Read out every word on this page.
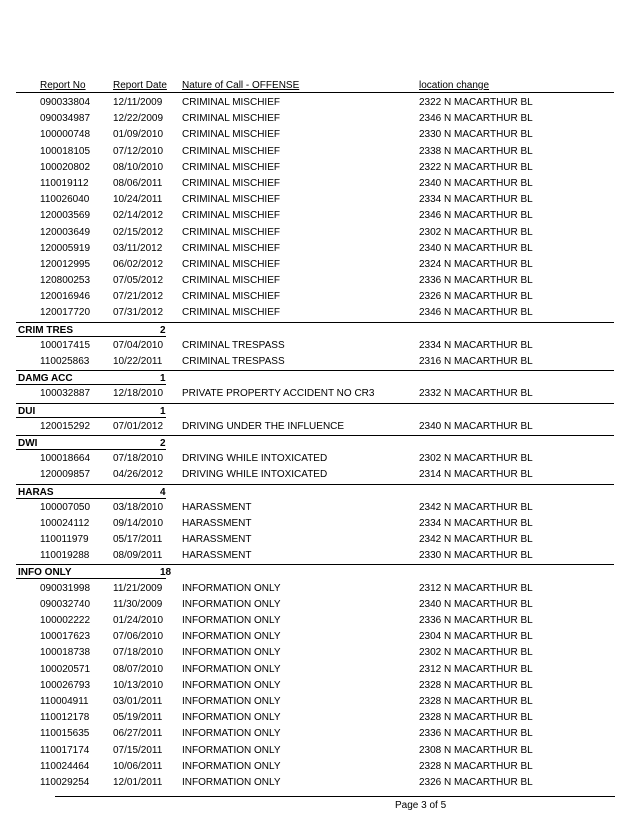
Report No	Report Date Nature of Call - OFFENSE	location change
090033804 12/11/2009 CRIMINAL MISCHIEF	2322 N MACARTHUR BL
090034987 12/22/2009 CRIMINAL MISCHIEF	2346 N MACARTHUR BL
100000748 01/09/2010 CRIMINAL MISCHIEF	2330 N MACARTHUR BL
100018105 07/12/2010 CRIMINAL MISCHIEF	2338 N MACARTHUR BL
100020802 08/10/2010 CRIMINAL MISCHIEF	2322 N MACARTHUR BL
110019112 08/06/2011 CRIMINAL MISCHIEF	2340 N MACARTHUR BL
110026040 10/24/2011 CRIMINAL MISCHIEF	2334 N MACARTHUR BL
120003569 02/14/2012 CRIMINAL MISCHIEF	2346 N MACARTHUR BL
120003649 02/15/2012 CRIMINAL MISCHIEF	2302 N MACARTHUR BL
120005919 03/11/2012 CRIMINAL MISCHIEF	2340 N MACARTHUR BL
120012995 06/02/2012 CRIMINAL MISCHIEF	2324 N MACARTHUR BL
120800253 07/05/2012 CRIMINAL MISCHIEF	2336 N MACARTHUR BL
120016946 07/21/2012 CRIMINAL MISCHIEF	2326 N MACARTHUR BL
120017720 07/31/2012 CRIMINAL MISCHIEF	2346 N MACARTHUR BL
CRIM TRES	2
100017415 07/04/2010 CRIMINAL TRESPASS	2334 N MACARTHUR BL
110025863 10/22/2011 CRIMINAL TRESPASS	2316 N MACARTHUR BL
DAMG ACC	1
100032887 12/18/2010 PRIVATE PROPERTY ACCIDENT NO CR3	2332 N MACARTHUR BL
DUI	1
120015292 07/01/2012 DRIVING UNDER THE INFLUENCE	2340 N MACARTHUR BL
DWI	2
100018664 07/18/2010 DRIVING WHILE INTOXICATED	2302 N MACARTHUR BL
120009857 04/26/2012 DRIVING WHILE INTOXICATED	2314 N MACARTHUR BL
HARAS	4
100007050 03/18/2010 HARASSMENT	2342 N MACARTHUR BL
100024112 09/14/2010 HARASSMENT	2334 N MACARTHUR BL
110011979 05/17/2011 HARASSMENT	2342 N MACARTHUR BL
110019288 08/09/2011 HARASSMENT	2330 N MACARTHUR BL
INFO ONLY	18
090031998 11/21/2009 INFORMATION ONLY	2312 N MACARTHUR BL
090032740 11/30/2009 INFORMATION ONLY	2340 N MACARTHUR BL
100002222 01/24/2010 INFORMATION ONLY	2336 N MACARTHUR BL
100017623 07/06/2010 INFORMATION ONLY	2304 N MACARTHUR BL
100018738 07/18/2010 INFORMATION ONLY	2302 N MACARTHUR BL
100020571 08/07/2010 INFORMATION ONLY	2312 N MACARTHUR BL
100026793 10/13/2010 INFORMATION ONLY	2328 N MACARTHUR BL
110004911 03/01/2011 INFORMATION ONLY	2328 N MACARTHUR BL
110012178 05/19/2011 INFORMATION ONLY	2328 N MACARTHUR BL
110015635 06/27/2011 INFORMATION ONLY	2336 N MACARTHUR BL
110017174 07/15/2011 INFORMATION ONLY	2308 N MACARTHUR BL
110024464 10/06/2011 INFORMATION ONLY	2328 N MACARTHUR BL
110029254 12/01/2011 INFORMATION ONLY	2326 N MACARTHUR BL
Page 3 of 5
